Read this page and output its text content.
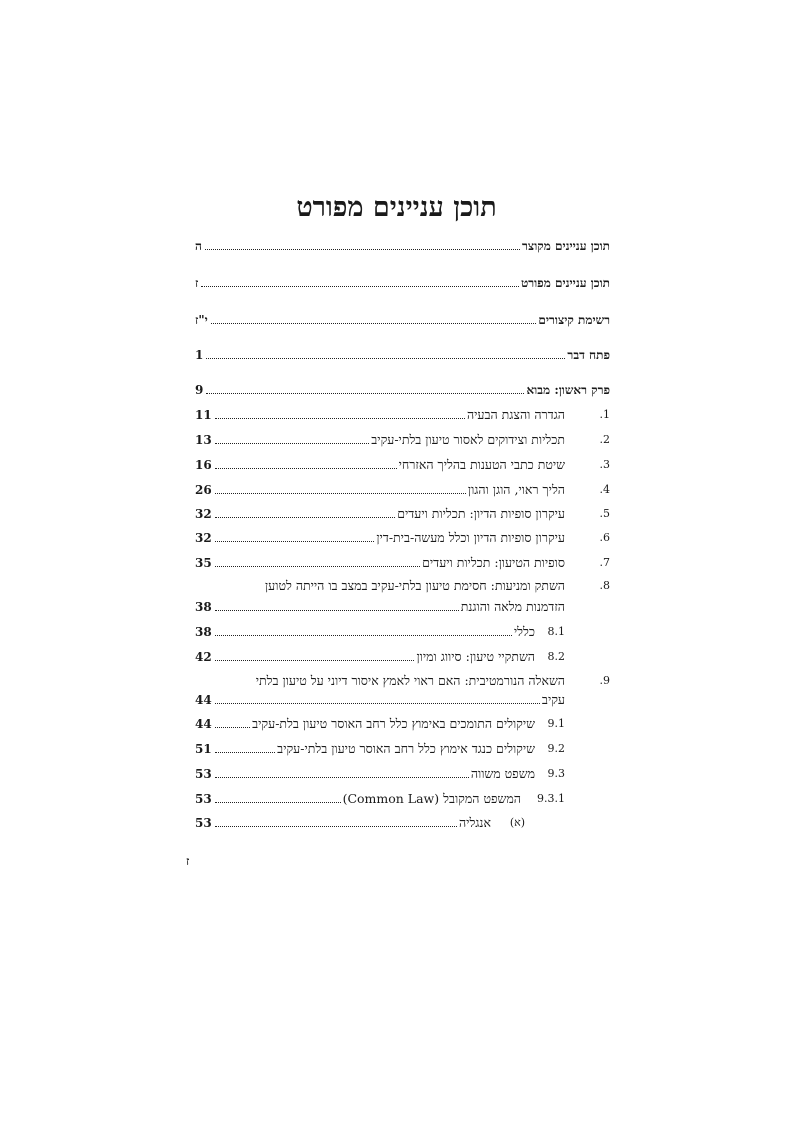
תוכן עניינים מפורט
תוכן עניינים מקוצר
ה
תוכן עניינים מפורט
ז
רשימת קיצורים
י"ז
פתח דבר
1
פרק ראשון: מבוא
9
1.
הגדרה והצגת הבעיה
11
2.
תכליות וצידוקים לאסור טיעון בלתי-עקיב
13
3.
שיטת כתבי הטענות בהליך האזרחי
16
4.
הליך ראוי, הוגן והגון
26
5.
עיקרון סופיות הדיון: תכליות ויעדים
32
6.
עיקרון סופיות הדיון וכלל מעשה-בית-דין
32
7.
סופיות הטיעון: תכליות ויעדים
35
8.
השתק ומניעות: חסימת טיעון בלתי-עקיב במצב בו הייתה לטוען
הזדמנות מלאה והוגנת
38
8.1
כללי
38
8.2
השתקיי טיעון: סיווג ומיון
42
9.
השאלה הנורמטיבית: האם ראוי לאמץ איסור דיוני על טיעון בלתי
עקיב
44
9.1
שיקולים התומכים באימוץ כלל רחב האוסר טיעון בלת-עקיב
44
9.2
שיקולים כנגד אימוץ כלל רחב האוסר טיעון בלתי-עקיב
51
9.3
משפט משווה
53
9.3.1
המשפט המקובל (Common Law)
53
(א)
אנגליה
53
ז
